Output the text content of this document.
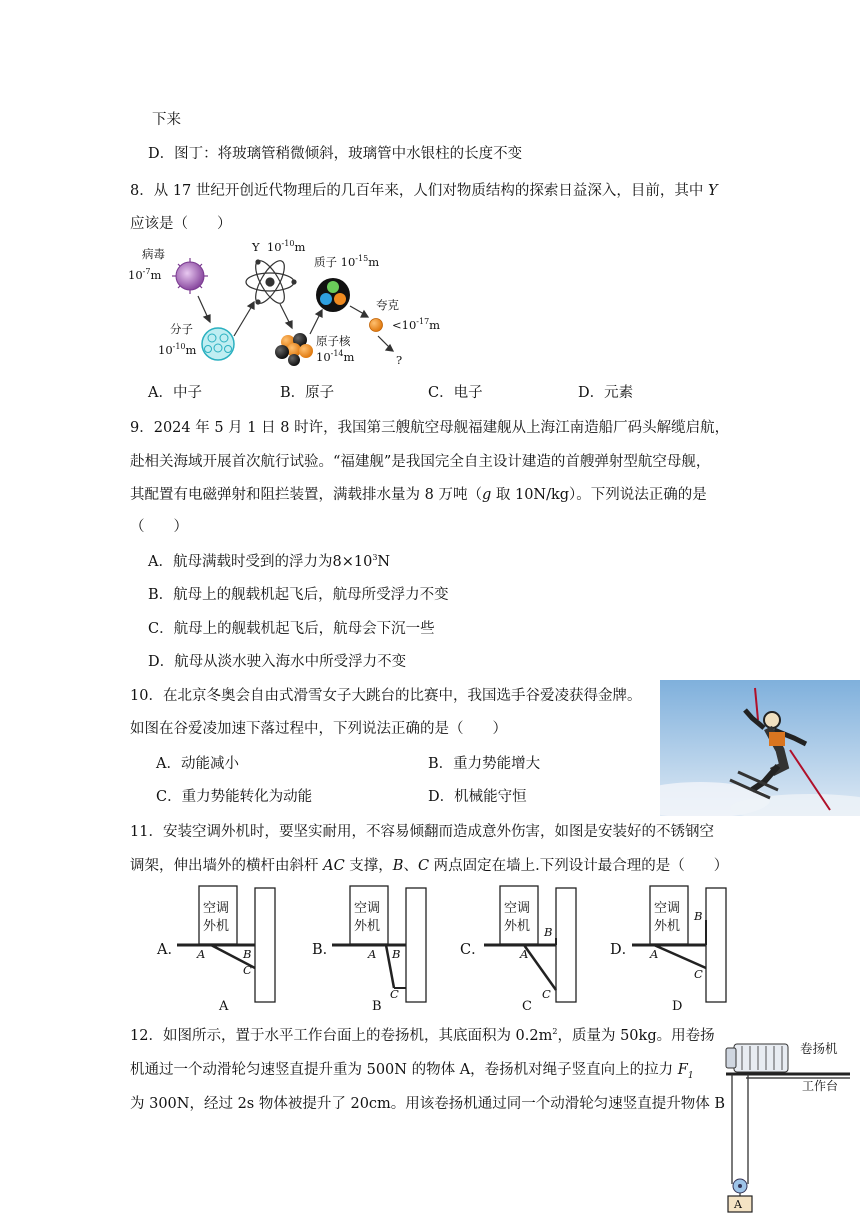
下来
D．图丁：将玻璃管稍微倾斜，玻璃管中水银柱的长度不变
8．从 17 世纪开创近代物理后的几百年来，人们对物质结构的探索日益深入，目前，其中 Y
应该是（　　）
病毒
$10^{-7}m$
分子
$10^{-10}m$
Y $10^{-10}m$
原子核
$10^{-14}m$
质子 $10^{-15}m$
夸克
$<10^{-17}m$
?
A．中子	B．原子	C．电子	D．元素
9．2024 年 5 月 1 日 8 时许，我国第三艘航空母舰福建舰从上海江南造船厂码头解缆启航，
赴相关海域开展首次航行试验。“福建舰”是我国完全自主设计建造的首艘弹射型航空母舰，
其配置有电磁弹射和阻拦装置，满载排水量为 8 万吨（g 取 10N/kg）。下列说法正确的是
（　　）
A．航母满载时受到的浮力为$8\times 10^3N$
B．航母上的舰载机起飞后，航母所受浮力不变
C．航母上的舰载机起飞后，航母会下沉一些
D．航母从淡水驶入海水中所受浮力不变
10．在北京冬奥会自由式滑雪女子大跳台的比赛中，我国选手谷爱凌获得金牌。
如图在谷爱凌加速下落过程中，下列说法正确的是（　　）
A．动能减小	B．重力势能增大
C．重力势能转化为动能	D．机械能守恒
11．安装空调外机时，要坚实耐用，不容易倾翻而造成意外伤害，如图是安装好的不锈钢空
调架，伸出墙外的横杆由斜杆 AC 支撑，B、C 两点固定在墙上.下列设计最合理的是（　　）
A．
空调
外机
A	B
C
A
B．
空调
外机
A B
C
B
C．
空调
外机
A
B
C
C
D．
空调
外机
A
B
C
D
12．如图所示，置于水平工作台面上的卷扬机，其底面积为 $0.2m^2$，质量为 50kg。用卷扬
机通过一个动滑轮匀速竖直提升重为 500N 的物体 A，卷扬机对绳子竖直向上的拉力 $F_1$
为 300N，经过 2s 物体被提升了 20cm。用该卷扬机通过同一个动滑轮匀速竖直提升物体 B
卷扬机
工作台
A
